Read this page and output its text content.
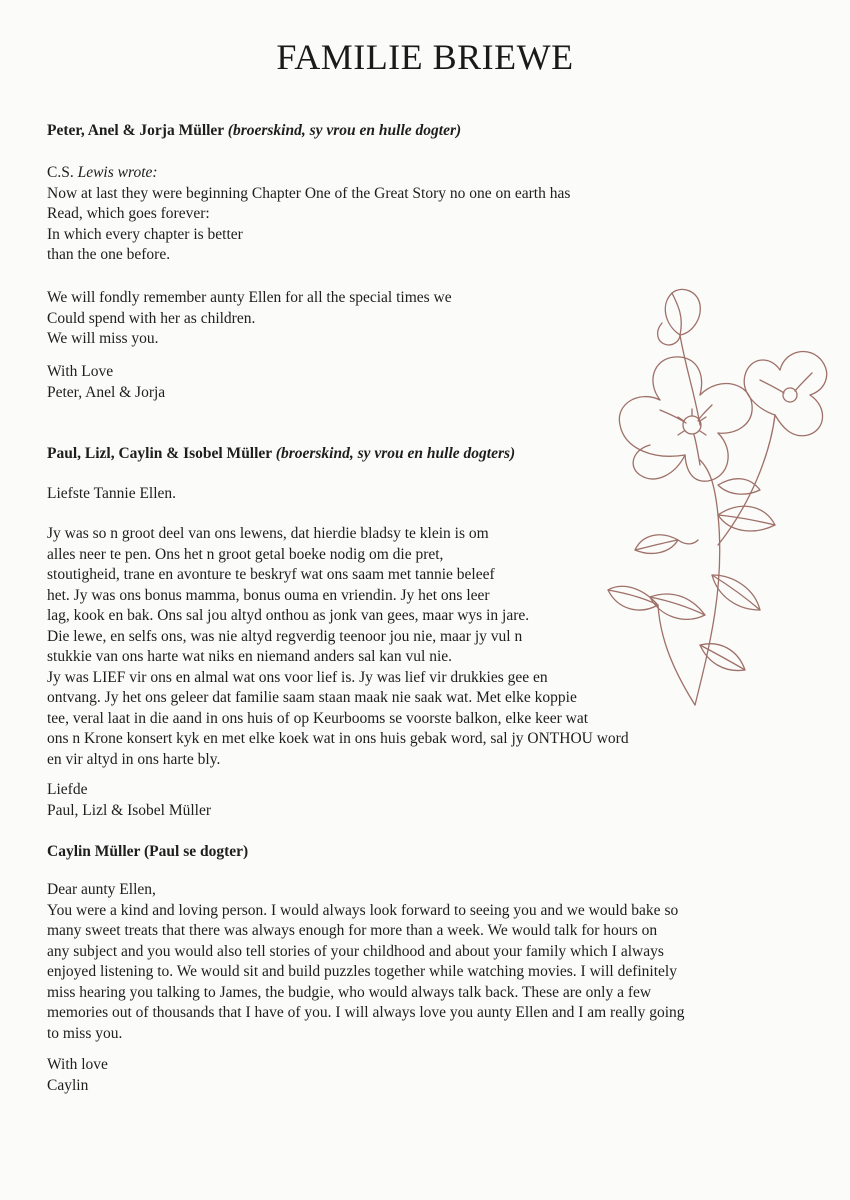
FAMILIE BRIEWE

Peter, Anel & Jorja Müller (broerskind, sy vrou en hulle dogter)

C.S. Lewis wrote:
Now at last they were beginning Chapter One of the Great Story no one on earth has
Read, which goes forever:
In which every chapter is better
than the one before.

We will fondly remember aunty Ellen for all the special times we
Could spend with her as children.
We will miss you.

With Love
Peter, Anel & Jorja

Paul, Lizl, Caylin & Isobel Müller (broerskind, sy vrou en hulle dogters)

Liefste Tannie Ellen.

Jy was so n groot deel van ons lewens, dat hierdie bladsy te klein is om
alles neer te pen. Ons het n groot getal boeke nodig om die pret,
stoutigheid, trane en avonture te beskryf wat ons saam met tannie beleef
het. Jy was ons bonus mamma, bonus ouma en vriendin. Jy het ons leer
lag, kook en bak. Ons sal jou altyd onthou as jonk van gees, maar wys in jare.
Die lewe, en selfs ons, was nie altyd regverdig teenoor jou nie, maar jy vul n
stukkie van ons harte wat niks en niemand anders sal kan vul nie.
Jy was LIEF vir ons en almal wat ons voor lief is. Jy was lief vir drukkies gee en
ontvang. Jy het ons geleer dat familie saam staan maak nie saak wat. Met elke koppie
tee, veral laat in die aand in ons huis of op Keurbooms se voorste balkon, elke keer wat
ons n Krone konsert kyk en met elke koek wat in ons huis gebak word, sal jy ONTHOU word
en vir altyd in ons harte bly.

Liefde
Paul, Lizl & Isobel Müller

Caylin Müller (Paul se dogter)

Dear aunty Ellen,
You were a kind and loving person. I would always look forward to seeing you and we would bake so
many sweet treats that there was always enough for more than a week. We would talk for hours on
any subject and you would also tell stories of your childhood and about your family which I always
enjoyed listening to. We would sit and build puzzles together while watching movies. I will definitely
miss hearing you talking to James, the budgie, who would always talk back. These are only a few
memories out of thousands that I have of you. I will always love you aunty Ellen and I am really going
to miss you.

With love
Caylin
